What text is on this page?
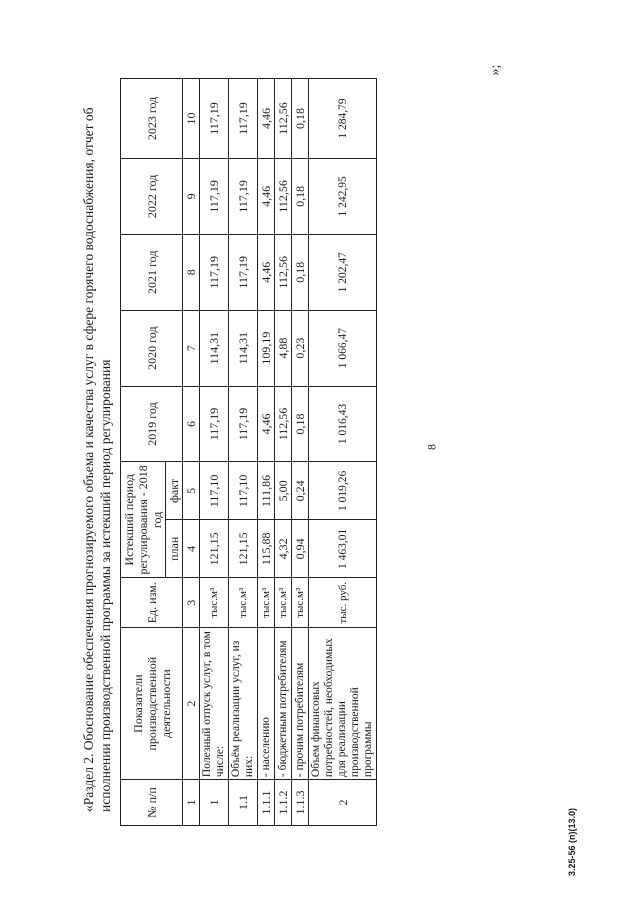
8
3.25-56 (п)(13.0)
»;

«Раздел 2. Обоснование обеспечения прогнозируемого объема и качества услуг в сфере горячего водоснабжения, отчет об исполнении производственной программы за истекший период регулирования	№ п/п	Показатели производственной деятельности	Ед. изм.	Истекший период регулирования - 2018 год		2019 год	2020 год	2021 год	2022 год	2023 год
			план	факт					
1	2	3	4	5	6	7	8	9	10
1	Полезный отпуск услуг, в том числе:	тыс.м³	121,15	117,10	117,19	114,31	117,19	117,19	117,19
1.1	Объём реализации услуг, из них:	тыс.м³	121,15	117,10	117,19	114,31	117,19	117,19	117,19
1.1.1	- населению	тыс.м³	115,88	111,86	4,46	109,19	4,46	4,46	4,46
1.1.2	- бюджетным потребителям	тыс.м³	4,32	5,00	112,56	4,88	112,56	112,56	112,56
1.1.3	- прочим потребителям	тыс.м³	0,94	0,24	0,18	0,23	0,18	0,18	0,18
2	Объем финансовых потребностей, необходимых для реализации производственной программы	тыс. руб.	1 463,01	1 019,26	1 016,43	1 066,47	1 202,47	1 242,95	1 284,79
